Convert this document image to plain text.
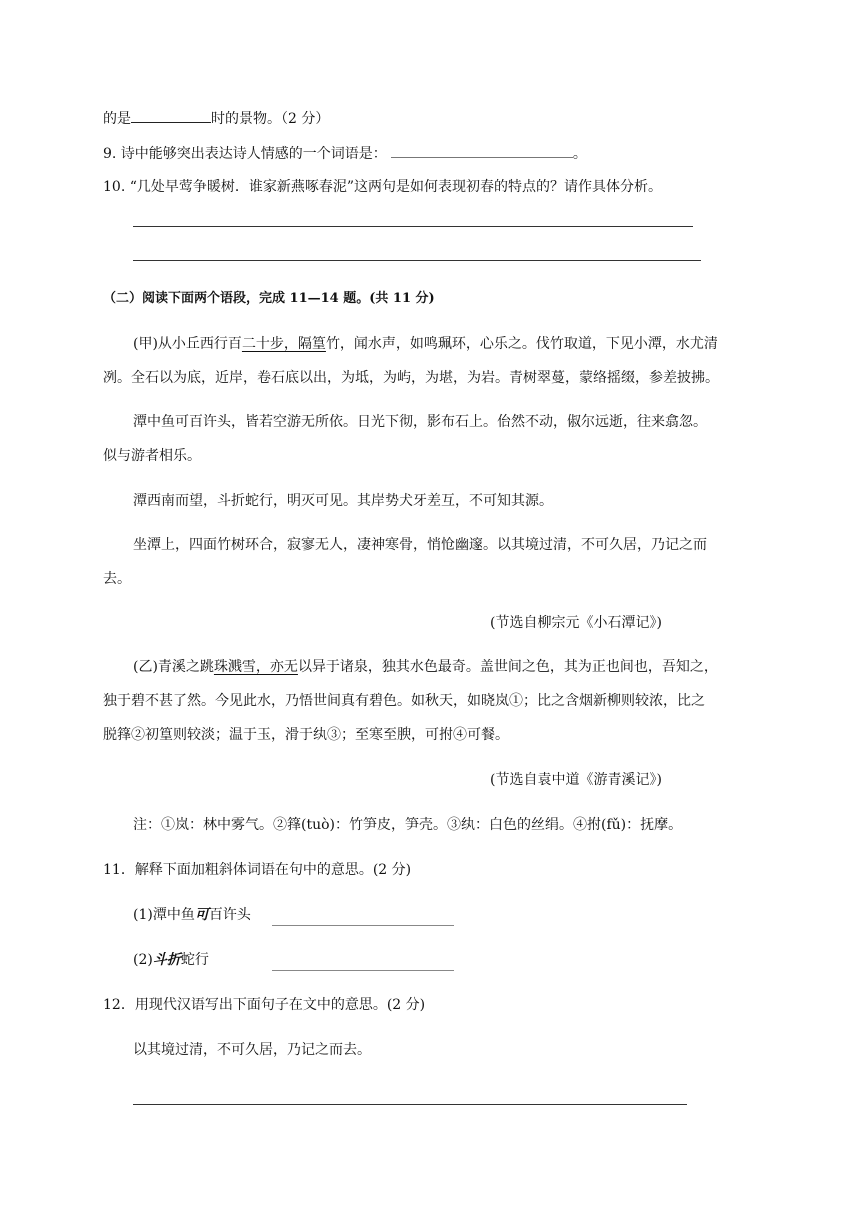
的是	时的景物。（2 分）
9. 诗中能够突出表达诗人情感的一个词语是：	。
10. “几处早莺争暖树．谁家新燕啄春泥”这两句是如何表现初春的特点的？请作具体分析。
（二）阅读下面两个语段，完成 11—14 题。(共 11 分)
(甲)从小丘西行百二十步，隔篁竹，闻水声，如鸣珮环，心乐之。伐竹取道，下见小潭，水尤清
冽。全石以为底，近岸，卷石底以出，为坻，为屿，为堪，为岩。青树翠蔓，蒙络摇缀，参差披拂。
潭中鱼可百许头，皆若空游无所依。日光下彻，影布石上。佁然不动，俶尔远逝，往来翕忽。
似与游者相乐。
潭西南而望，斗折蛇行，明灭可见。其岸势犬牙差互，不可知其源。
坐潭上，四面竹树环合，寂寥无人，凄神寒骨，悄怆幽邃。以其境过清，不可久居，乃记之而
去。
(节选自柳宗元《小石潭记》)
(乙)青溪之跳珠溅雪，亦无以异于诸泉，独其水色最奇。盖世间之色，其为正也间也，吾知之，
独于碧不甚了然。今见此水，乃悟世间真有碧色。如秋天，如晓岚①；比之含烟新柳则较浓，比之
脱箨②初篁则较淡；温于玉，滑于纨③；至寒至腴，可拊④可餐。
(节选自袁中道《游青溪记》)
注：①岚：林中雾气。②箨(tuò)：竹笋皮，笋壳。③纨：白色的丝绢。④拊(fǔ)：抚摩。
11．解释下面加粗斜体词语在句中的意思。(2 分)
(1)潭中鱼可百许头
(2)斗折蛇行
12．用现代汉语写出下面句子在文中的意思。(2 分)
以其境过清，不可久居，乃记之而去。
